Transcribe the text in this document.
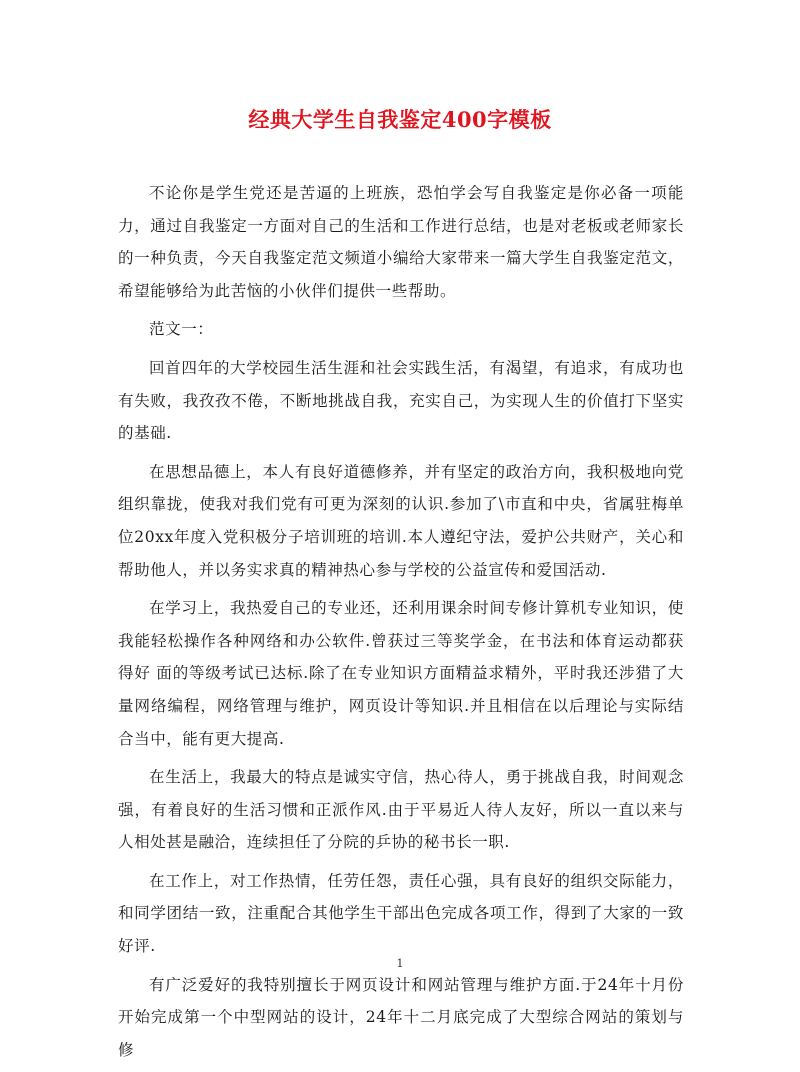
经典大学生自我鉴定400字模板

不论你是学生党还是苦逼的上班族，恐怕学会写自我鉴定是你必备一项能力，通过自我鉴定一方面对自己的生活和工作进行总结，也是对老板或老师家长的一种负责，今天自我鉴定范文频道小编给大家带来一篇大学生自我鉴定范文，希望能够给为此苦恼的小伙伴们提供一些帮助。

范文一：

回首四年的大学校园生活生涯和社会实践生活，有渴望，有追求，有成功也有失败，我孜孜不倦，不断地挑战自我，充实自己，为实现人生的价值打下坚实的基础.

在思想品德上，本人有良好道德修养，并有坚定的政治方向，我积极地向党组织靠拢，使我对我们党有可更为深刻的认识.参加了\市直和中央，省属驻梅单位20xx年度入党积极分子培训班的培训.本人遵纪守法，爱护公共财产，关心和帮助他人，并以务实求真的精神热心参与学校的公益宣传和爱国活动.

在学习上，我热爱自己的专业还，还利用课余时间专修计算机专业知识，使我能轻松操作各种网络和办公软件.曾获过三等奖学金，在书法和体育运动都获得好 面的等级考试已达标.除了在专业知识方面精益求精外，平时我还涉猎了大量网络编程，网络管理与维护，网页设计等知识.并且相信在以后理论与实际结合当中，能有更大提高.

在生活上，我最大的特点是诚实守信，热心待人，勇于挑战自我，时间观念强，有着良好的生活习惯和正派作风.由于平易近人待人友好，所以一直以来与人相处甚是融洽，连续担任了分院的乒协的秘书长一职.

在工作上，对工作热情，任劳任怨，责任心强，具有良好的组织交际能力，和同学团结一致，注重配合其他学生干部出色完成各项工作，得到了大家的一致好评.

有广泛爱好的我特别擅长于网页设计和网站管理与维护方面.于24年十月份开始完成第一个中型网站的设计，24年十二月底完成了大型综合网站的策划与修

1
